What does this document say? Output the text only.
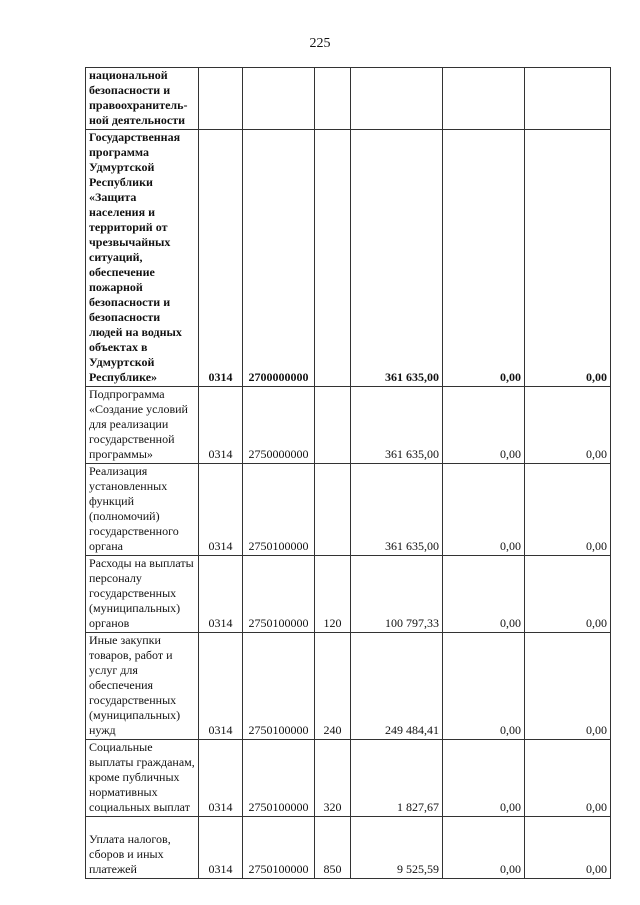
225
национальной безопасности и правоохранитель-ной деятельности						
Государственная программа Удмуртской Республики «Защита населения и территорий от чрезвычайных ситуаций, обеспечение пожарной безопасности и безопасности людей на водных объектах в Удмуртской Республике»	0314	2700000000		361 635,00	0,00	0,00
Подпрограмма «Создание условий для реализации государственной программы»	0314	2750000000		361 635,00	0,00	0,00
Реализация установленных функций (полномочий) государственного органа	0314	2750100000		361 635,00	0,00	0,00
Расходы на выплаты персоналу государственных (муниципальных) органов	0314	2750100000	120	100 797,33	0,00	0,00
Иные закупки товаров, работ и услуг для обеспечения государственных (муниципальных) нужд	0314	2750100000	240	249 484,41	0,00	0,00
Социальные выплаты гражданам, кроме публичных нормативных социальных выплат	0314	2750100000	320	1 827,67	0,00	0,00
Уплата налогов, сборов и иных платежей	0314	2750100000	850	9 525,59	0,00	0,00
